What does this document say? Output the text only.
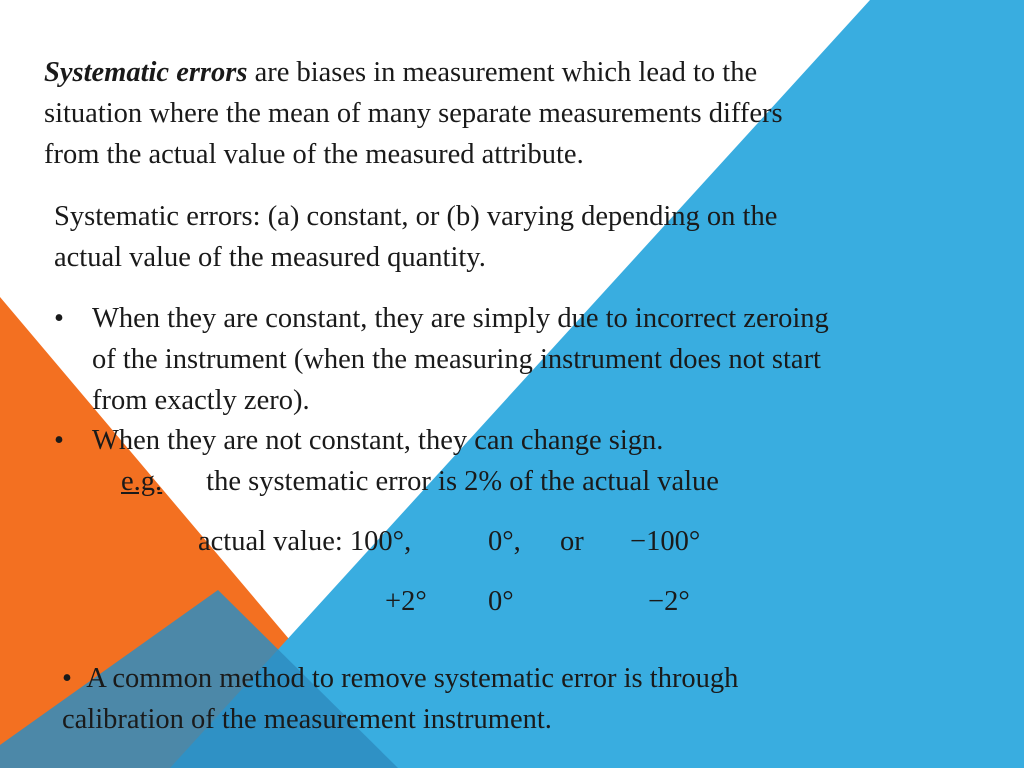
Systematic errors are biases in measurement which lead to the
situation where the mean of many separate measurements differs
from the actual value of the measured attribute.
Systematic errors: (a) constant, or (b) varying depending on the
actual value of the measured quantity.
• When they are constant, they are simply due to incorrect zeroing
of the instrument (when the measuring instrument does not start
from exactly zero).
• When they are not constant, they can change sign.
e.g. the systematic error is 2% of the actual value
actual value: 100°,	0°, or −100°
+2° 0°	−2°
• A common method to remove systematic error is through
calibration of the measurement instrument.
